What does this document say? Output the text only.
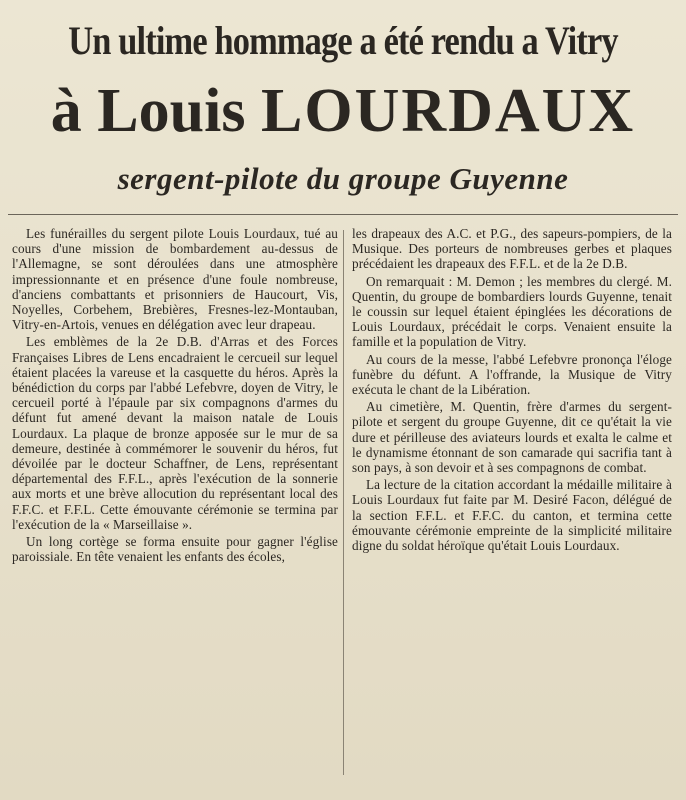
Un ultime hommage a été rendu a Vitry
à Louis LOURDAUX
sergent-pilote du groupe Guyenne

Les funérailles du sergent pilote Louis Lourdaux, tué au cours d'une mission de bombardement au-dessus de l'Allemagne, se sont déroulées dans une atmosphère impressionnante et en présence d'une foule nombreuse, d'anciens combattants et prisonniers de Haucourt, Vis, Noyelles, Corbehem, Brebières, Fresnes-lez-Montauban, Vitry-en-Artois, venues en délégation avec leur drapeau.

Les emblèmes de la 2e D.B. d'Arras et des Forces Françaises Libres de Lens encadraient le cercueil sur lequel étaient placées la vareuse et la casquette du héros. Après la bénédiction du corps par l'abbé Lefebvre, doyen de Vitry, le cercueil porté à l'épaule par six compagnons d'armes du défunt fut amené devant la maison natale de Louis Lourdaux. La plaque de bronze apposée sur le mur de sa demeure, destinée à commémorer le souvenir du héros, fut dévoilée par le docteur Schaffner, de Lens, représentant départemental des F.F.L., après l'exécution de la sonnerie aux morts et une brève allocution du représentant local des F.F.C. et F.F.L. Cette émouvante cérémonie se termina par l'exécution de la « Marseillaise ».

Un long cortège se forma ensuite pour gagner l'église paroissiale. En tête venaient les enfants des écoles,

les drapeaux des A.C. et P.G., des sapeurs-pompiers, de la Musique. Des porteurs de nombreuses gerbes et plaques précédaient les drapeaux des F.F.L. et de la 2e D.B.

On remarquait : M. Demon ; les membres du clergé. M. Quentin, du groupe de bombardiers lourds Guyenne, tenait le coussin sur lequel étaient épinglées les décorations de Louis Lourdaux, précédait le corps. Venaient ensuite la famille et la population de Vitry.

Au cours de la messe, l'abbé Lefebvre prononça l'éloge funèbre du défunt. A l'offrande, la Musique de Vitry exécuta le chant de la Libération.

Au cimetière, M. Quentin, frère d'armes du sergent-pilote et sergent du groupe Guyenne, dit ce qu'était la vie dure et périlleuse des aviateurs lourds et exalta le calme et le dynamisme étonnant de son camarade qui sacrifia tant à son pays, à son devoir et à ses compagnons de combat.

La lecture de la citation accordant la médaille militaire à Louis Lourdaux fut faite par M. Desiré Facon, délégué de la section F.F.L. et F.F.C. du canton, et termina cette émouvante cérémonie empreinte de la simplicité militaire digne du soldat héroïque qu'était Louis Lourdaux.
